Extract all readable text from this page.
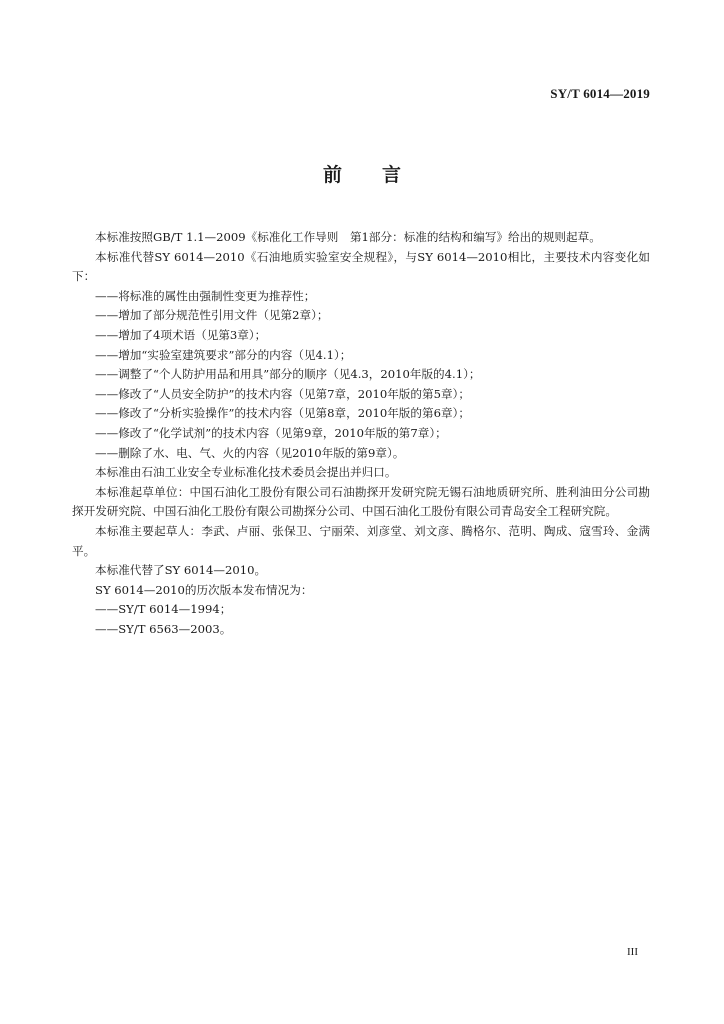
SY/T 6014—2019
前 言
本标准按照GB/T 1.1—2009《标准化工作导则　第1部分：标准的结构和编写》给出的规则起草。
本标准代替SY 6014—2010《石油地质实验室安全规程》，与SY 6014—2010相比，主要技术内容变化如下：
——将标准的属性由强制性变更为推荐性；
——增加了部分规范性引用文件（见第2章）；
——增加了4项术语（见第3章）；
——增加“实验室建筑要求”部分的内容（见4.1）；
——调整了“个人防护用品和用具”部分的顺序（见4.3，2010年版的4.1）；
——修改了“人员安全防护”的技术内容（见第7章，2010年版的第5章）；
——修改了“分析实验操作”的技术内容（见第8章，2010年版的第6章）；
——修改了“化学试剂”的技术内容（见第9章，2010年版的第7章）；
——删除了水、电、气、火的内容（见2010年版的第9章）。
本标准由石油工业安全专业标准化技术委员会提出并归口。
本标准起草单位：中国石油化工股份有限公司石油勘探开发研究院无锡石油地质研究所、胜利油田分公司勘探开发研究院、中国石油化工股份有限公司勘探分公司、中国石油化工股份有限公司青岛安全工程研究院。
本标准主要起草人：李武、卢丽、张保卫、宁丽荣、刘彦堂、刘文彦、腾格尔、范明、陶成、寇雪玲、金满平。
本标准代替了SY 6014—2010。
SY 6014—2010的历次版本发布情况为：
——SY/T 6014—1994；
——SY/T 6563—2003。
III
